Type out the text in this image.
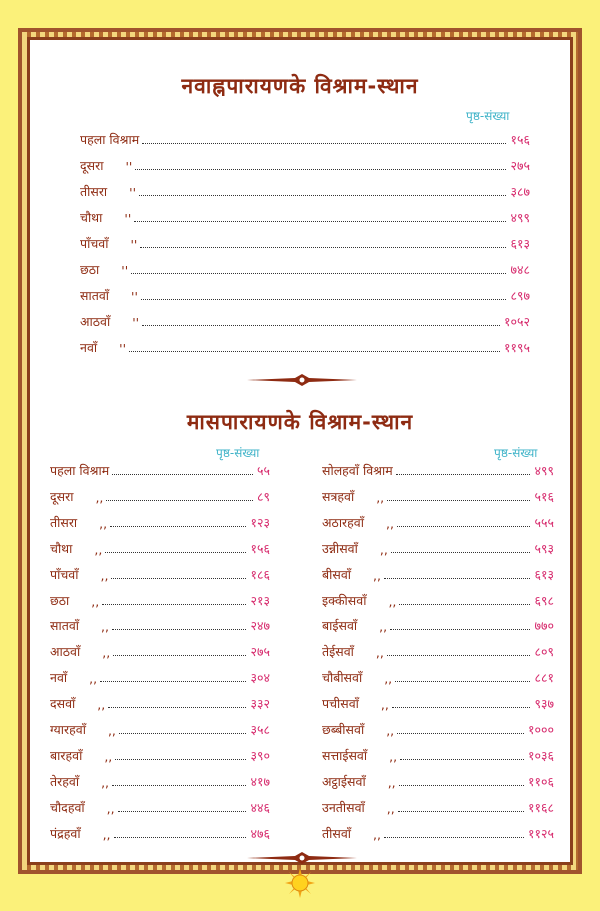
नवाह्नपारायणके विश्राम-स्थान
पृष्ठ-संख्या
मासपारायणके विश्राम-स्थान
पृष्ठ-संख्या	पृष्ठ-संख्या
पहला विश्राम	१५६
दूसरा ''	२७५
तीसरा ''	३८७
चौथा ''	४९९
पाँचवाँ ''	६१३
छठा ''	७४८
सातवाँ ''	८९७
आठवाँ ''	१०५२
नवाँ ''	११९५
पहला विश्राम	५५
दूसरा ,,	८९
तीसरा ,,	१२३
चौथा ,,	१५६
पाँचवाँ ,,	१८६
छठा ,,	२१३
सातवाँ ,,	२४७
आठवाँ ,,	२७५
नवाँ ,,	३०४
दसवाँ ,,	३३२
ग्यारहवाँ ,,	३५८
बारहवाँ ,,	३९०
तेरहवाँ ,,	४१७
चौदहवाँ ,,	४४६
पंद्रहवाँ ,,	४७६
सोलहवाँ विश्राम	४९९
सत्रहवाँ ,,	५१६
अठारहवाँ ,,	५५५
उन्नीसवाँ ,,	५९३
बीसवाँ ,,	६१३
इक्कीसवाँ ,,	६९८
बाईसवाँ ,,	७७०
तेईसवाँ ,,	८०९
चौबीसवाँ ,,	८८१
पचीसवाँ ,,	९३७
छब्बीसवाँ ,,	१०००
सत्ताईसवाँ ,,	१०३६
अट्ठाईसवाँ ,,	११०६
उनतीसवाँ ,,	११६८
तीसवाँ ,,	११२५
